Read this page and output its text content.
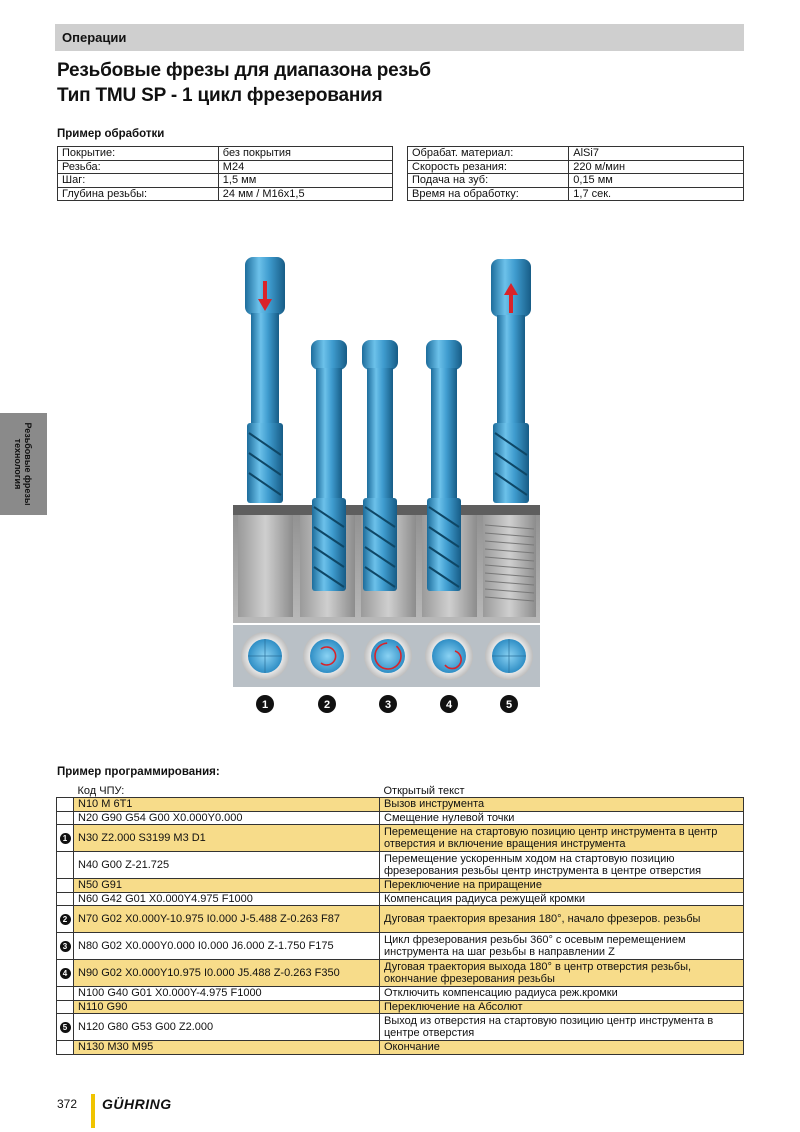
Операции
Резьбовые фрезы для диапазона резьб
Тип TMU SP - 1 цикл фрезерования
Пример обработки
Покрытие:	без покрытия
Резьба:	M24
Шаг:	1,5 мм
Глубина резьбы:	24 мм / M16x1,5
Обрабат. материал:	AlSi7
Скорость резания:	220 м/мин
Подача на зуб:	0,15 мм
Время на обработку:	1,7 сек.
Резьбовые фрезы
технология
1	2	3	4	5
Пример программирования:
	Код ЧПУ:	Открытый текст
	N10 M 6T1	Вызов инструмента
	N20 G90 G54 G00 X0.000Y0.000	Смещение нулевой точки
1	N30 Z2.000 S3199 M3 D1	Перемещение на стартовую позицию центр инструмента в центр отверстия и включение вращения инструмента
	N40 G00 Z-21.725	Перемещение ускоренным ходом на стартовую позицию фрезерования резьбы центр инструмента в центре отверстия
	N50 G91	Переключение на приращение
	N60 G42 G01 X0.000Y4.975 F1000	Компенсация радиуса режущей кромки
2	N70 G02 X0.000Y-10.975 I0.000 J-5.488 Z-0.263 F87	Дуговая траектория врезания 180°, начало фрезеров. резьбы
3	N80 G02 X0.000Y0.000 I0.000 J6.000 Z-1.750 F175	Цикл фрезерования резьбы 360° с осевым перемещением инструмента на шаг резьбы в направлении Z
4	N90 G02 X0.000Y10.975 I0.000 J5.488 Z-0.263 F350	Дуговая траектория выхода 180° в центр отверстия резьбы, окончание фрезерования резьбы
	N100 G40 G01 X0.000Y-4.975 F1000	Отключить компенсацию радиуса реж.кромки
	N110 G90	Переключение на Абсолют
5	N120 G80 G53 G00 Z2.000	Выход из отверстия на стартовую позицию центр инструмента в центре отверстия
	N130 M30 M95	Окончание
372 GÜHRING
